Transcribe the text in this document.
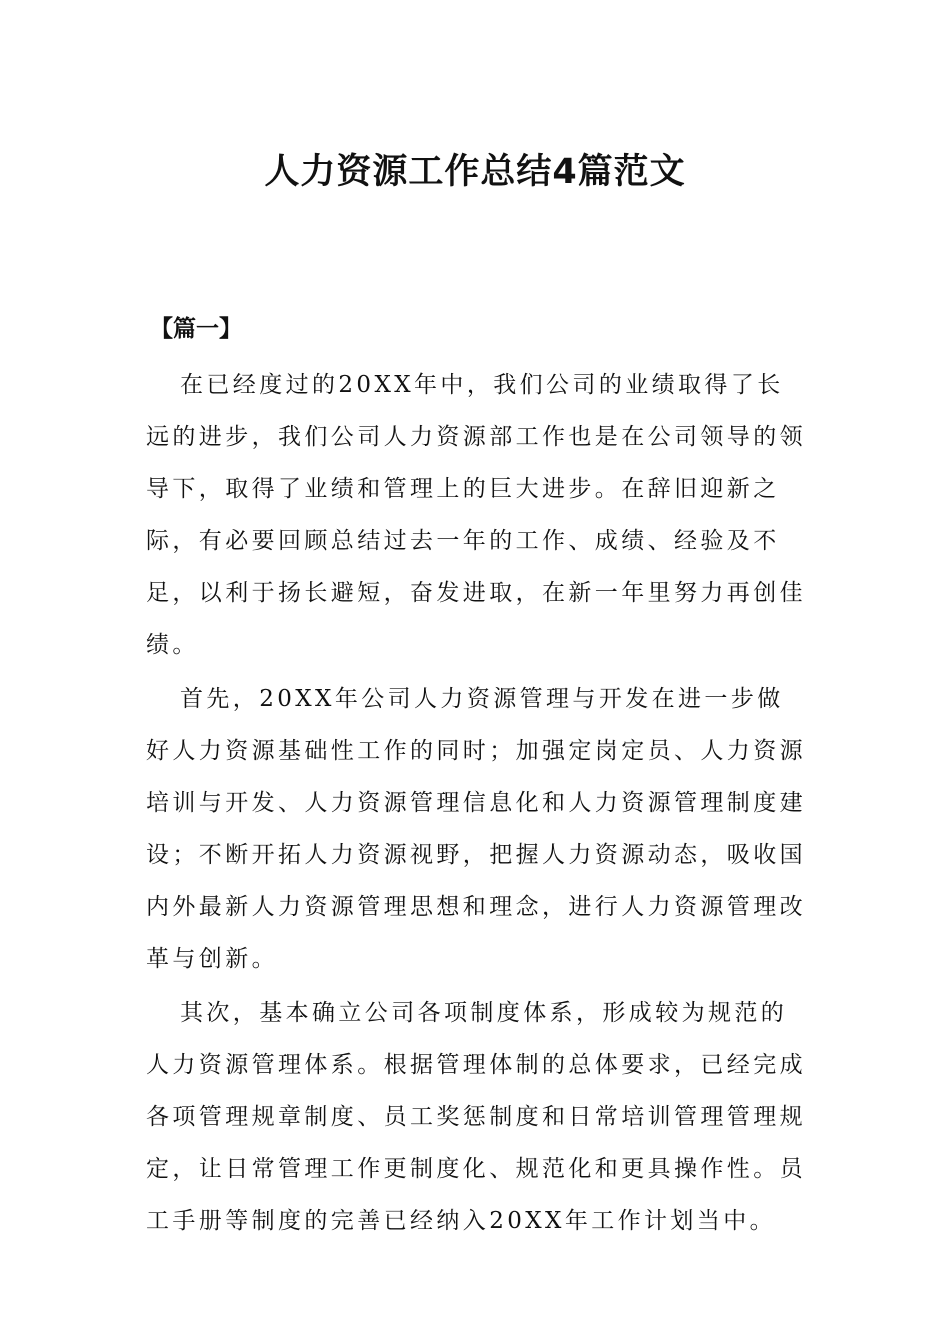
人力资源工作总结4篇范文

【篇一】

在已经度过的20XX年中，我们公司的业绩取得了长远的进步，我们公司人力资源部工作也是在公司领导的领导下，取得了业绩和管理上的巨大进步。在辞旧迎新之际，有必要回顾总结过去一年的工作、成绩、经验及不足，以利于扬长避短，奋发进取，在新一年里努力再创佳绩。

首先，20XX年公司人力资源管理与开发在进一步做好人力资源基础性工作的同时；加强定岗定员、人力资源培训与开发、人力资源管理信息化和人力资源管理制度建设；不断开拓人力资源视野，把握人力资源动态，吸收国内外最新人力资源管理思想和理念，进行人力资源管理改革与创新。

其次，基本确立公司各项制度体系，形成较为规范的人力资源管理体系。根据管理体制的总体要求，已经完成各项管理规章制度、员工奖惩制度和日常培训管理管理规定，让日常管理工作更制度化、规范化和更具操作性。员工手册等制度的完善已经纳入20XX年工作计划当中。
